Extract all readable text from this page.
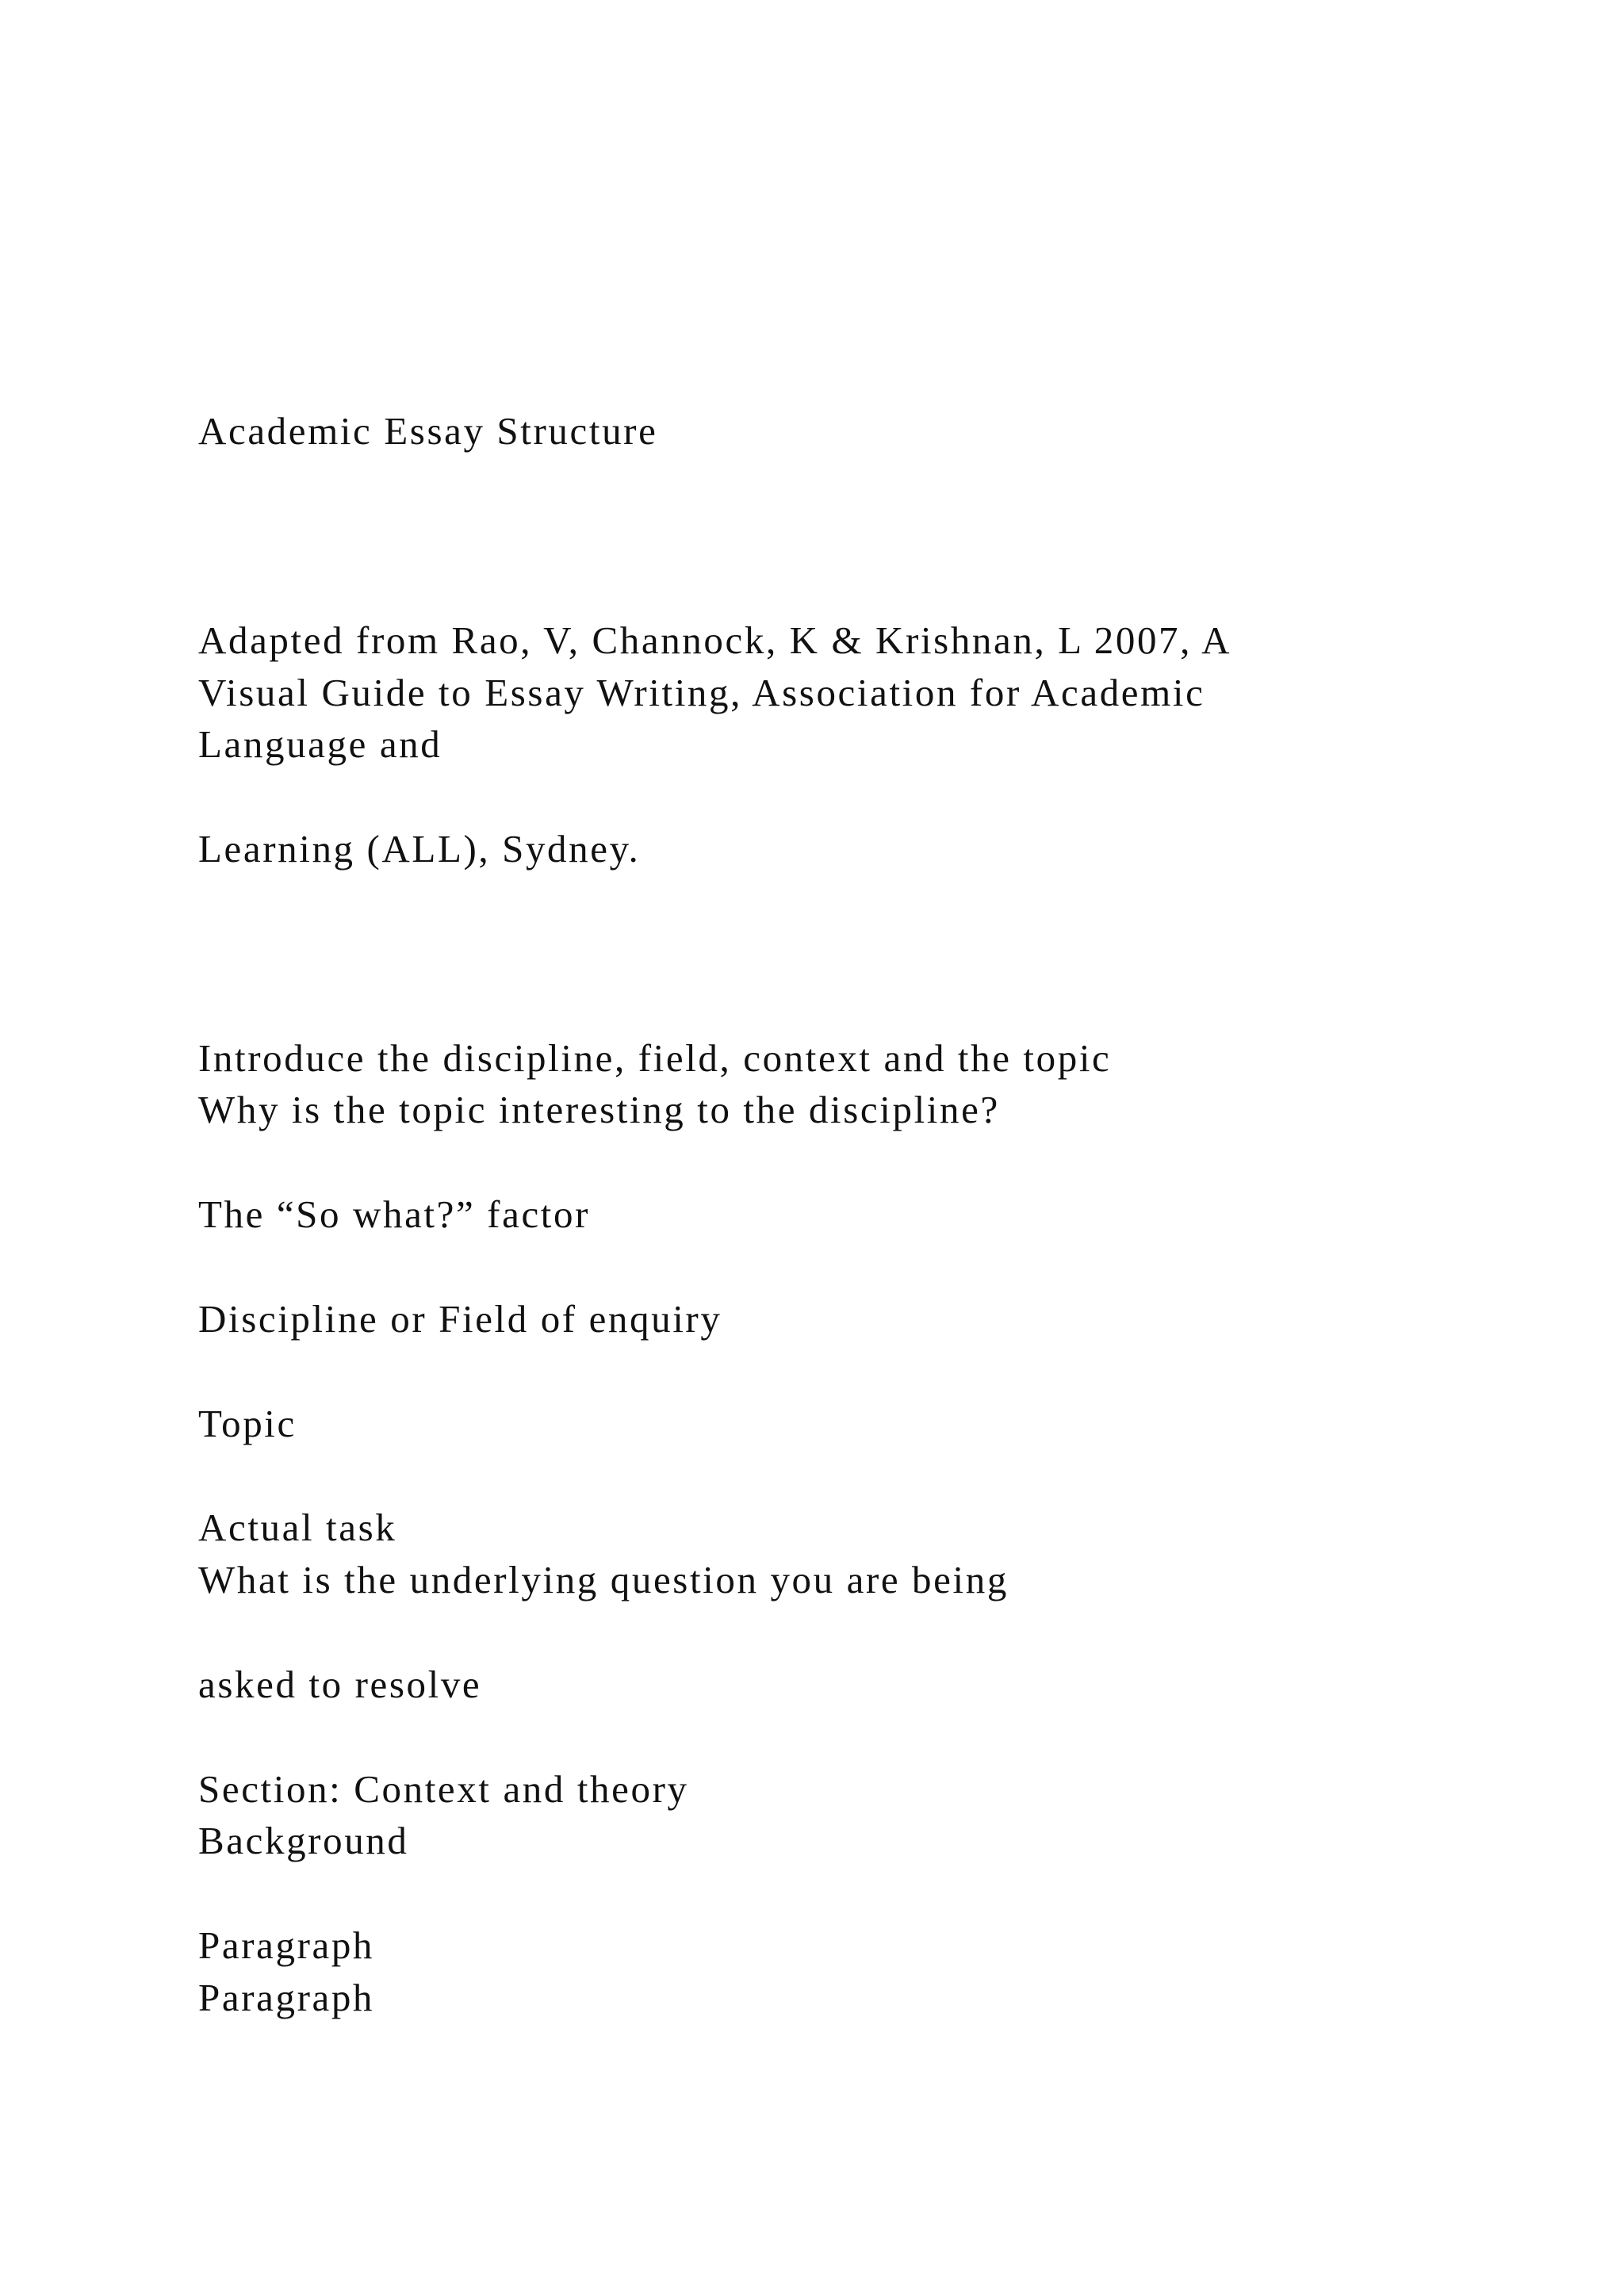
Academic Essay Structure

Adapted from Rao, V, Channock, K & Krishnan, L 2007, A

Visual Guide to Essay Writing, Association for Academic

Language and

Learning (ALL), Sydney.

Introduce the discipline, field, context and the topic

Why is the topic interesting to the discipline?

The “So what?” factor

Discipline or Field of enquiry

Topic

Actual task

What is the underlying question you are being

asked to resolve

Section: Context and theory

Background

Paragraph

Paragraph
